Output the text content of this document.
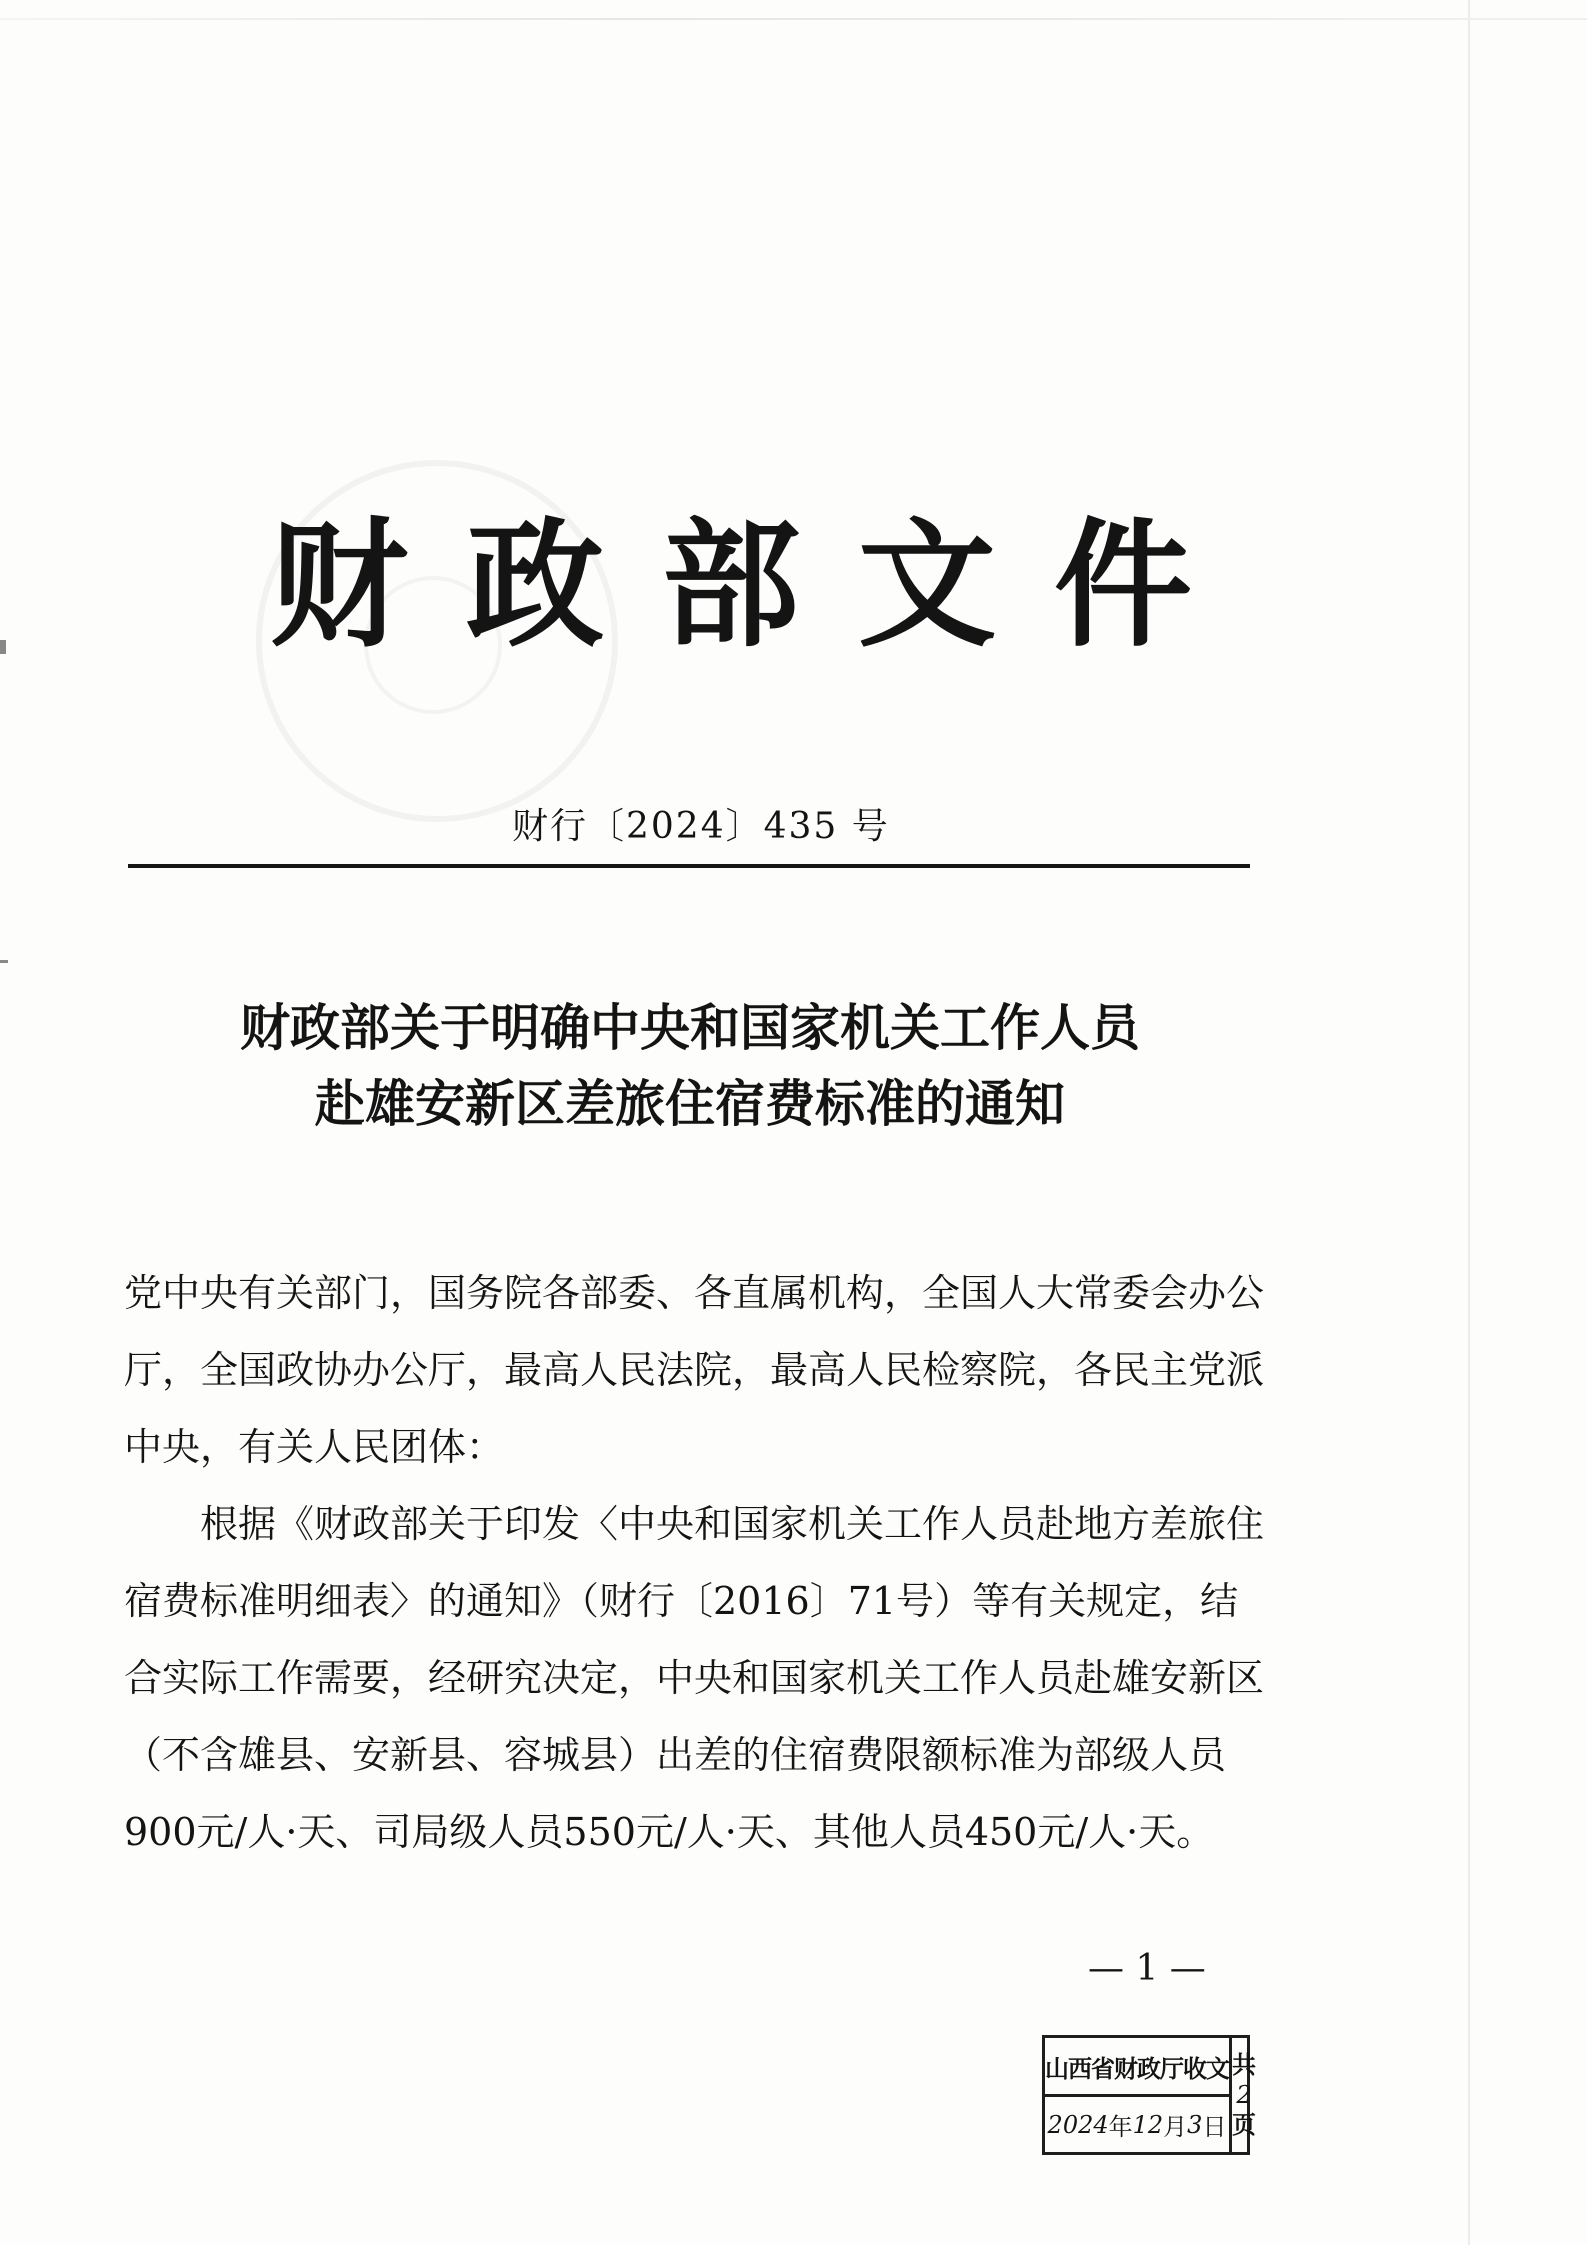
财政部文件
财行〔2024〕435 号
财政部关于明确中央和国家机关工作人员
赴雄安新区差旅住宿费标准的通知

党中央有关部门，国务院各部委、各直属机构，全国人大常委会办公厅，全国政协办公厅，最高人民法院，最高人民检察院，各民主党派中央，有关人民团体：

根据《财政部关于印发〈中央和国家机关工作人员赴地方差旅住宿费标准明细表〉的通知》（财行〔2016〕71号）等有关规定，结合实际工作需要，经研究决定，中央和国家机关工作人员赴雄安新区（不含雄县、安新县、容城县）出差的住宿费限额标准为部级人员900元/人·天、司局级人员550元/人·天、其他人员450元/人·天。

— 1 —
山西省财政厅收文
2024 年 12 月 3 日
共
2
页
